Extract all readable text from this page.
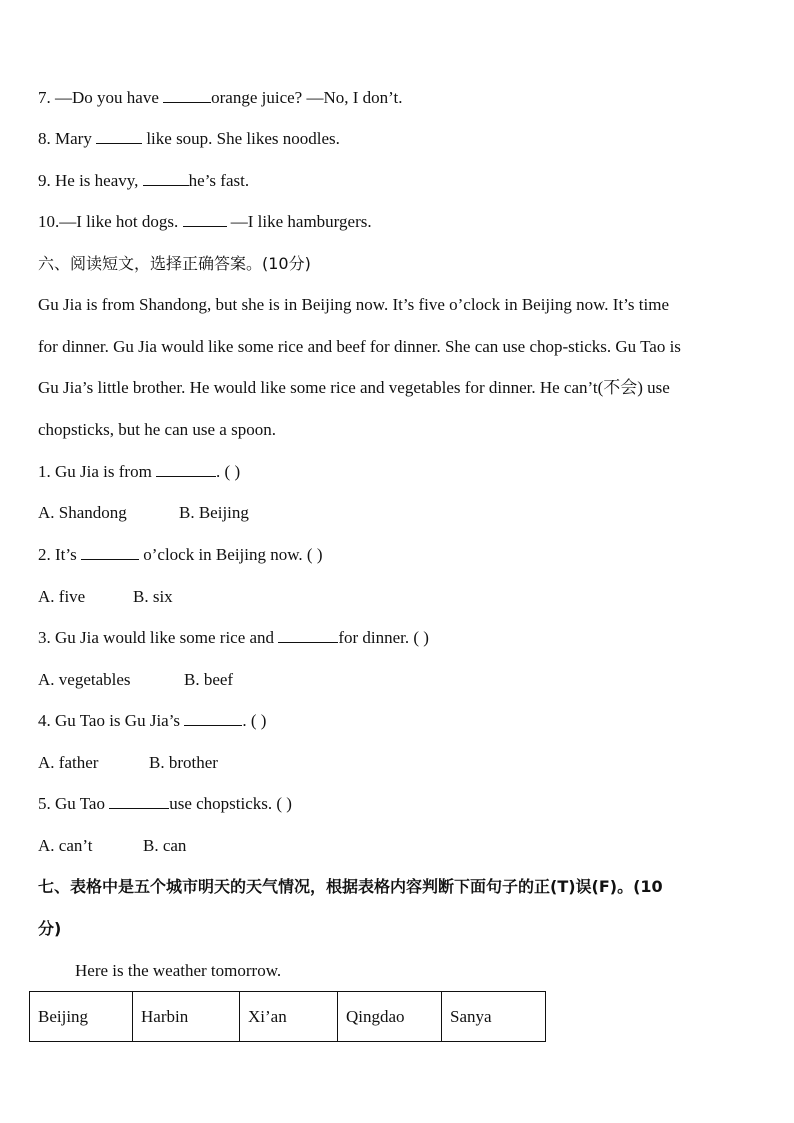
7. —Do you have	orange juice? —No, I don’t.
8. Mary	like soup. She likes noodles.
9. He is heavy,	he’s fast.
10.—I like hot dogs.	—I like hamburgers.
六、阅读短文，选择正确答案。(10分)
Gu Jia is from Shandong, but she is in Beijing now. It’s five o’clock in Beijing now. It’s time
for dinner. Gu Jia would like some rice and beef for dinner. She can use chop-sticks. Gu Tao is
Gu Jia’s little brother. He would like some rice and vegetables for dinner. He can’t(不会) use
chopsticks, but he can use a spoon.
1. Gu Jia is from	. ( )
A. Shandong	B. Beijing
2. It’s	o’clock in Beijing now. ( )
A. five	B. six
3. Gu Jia would like some rice and	for dinner. ( )
A. vegetables	B. beef
4. Gu Tao is Gu Jia’s	. ( )
A. father	B. brother
5. Gu Tao	use chopsticks. ( )
A. can’t	B. can
七、表格中是五个城市明天的天气情况，根据表格内容判断下面句子的正(T)误(F)。(10
分)
Here is the weather tomorrow.
Beijing	Harbin	Xi’an	Qingdao	Sanya
